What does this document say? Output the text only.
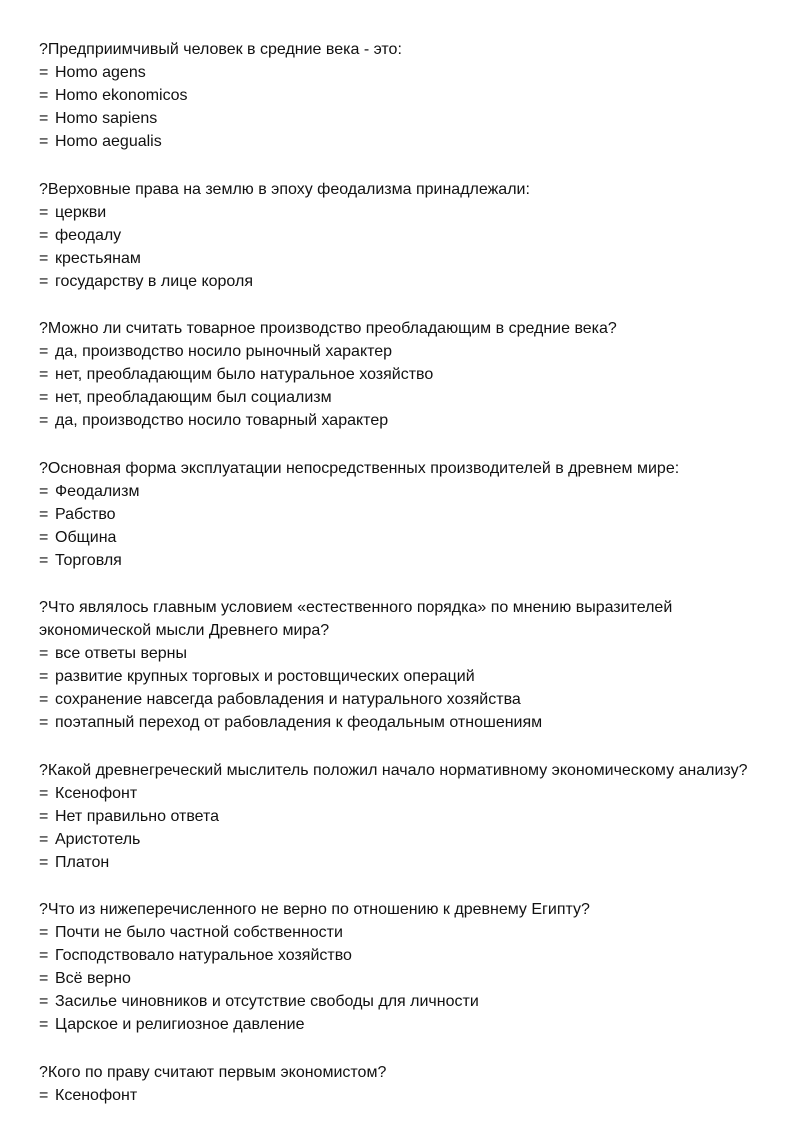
?Предприимчивый человек в средние века - это:
= Homo agens
= Homo ekonomicos
= Homo sapiens
= Homo aegualis
?Верховные права на землю в эпоху феодализма принадлежали:
= церкви
= феодалу
= крестьянам
= государству в лице короля
?Можно ли считать товарное производство преобладающим в средние века?
= да, производство носило рыночный характер
= нет, преобладающим было натуральное хозяйство
= нет, преобладающим был социализм
= да, производство носило товарный характер
?Основная форма эксплуатации непосредственных производителей в древнем мире:
= Феодализм
= Рабство
= Община
= Торговля
?Что являлось главным условием «естественного порядка» по мнению выразителей экономической мысли Древнего мира?
= все ответы верны
= развитие крупных торговых и ростовщических операций
= сохранение навсегда рабовладения и натурального хозяйства
= поэтапный переход от рабовладения к феодальным отношениям
?Какой древнегреческий мыслитель положил начало нормативному экономическому анализу?
= Ксенофонт
= Нет правильно ответа
= Аристотель
= Платон
?Что из нижеперечисленного не верно по отношению к древнему Египту?
= Почти не было частной собственности
= Господствовало натуральное хозяйство
= Всё верно
= Засилье чиновников и отсутствие свободы для личности
= Царское и религиозное давление
?Кого по праву считают первым экономистом?
= Ксенофонт
